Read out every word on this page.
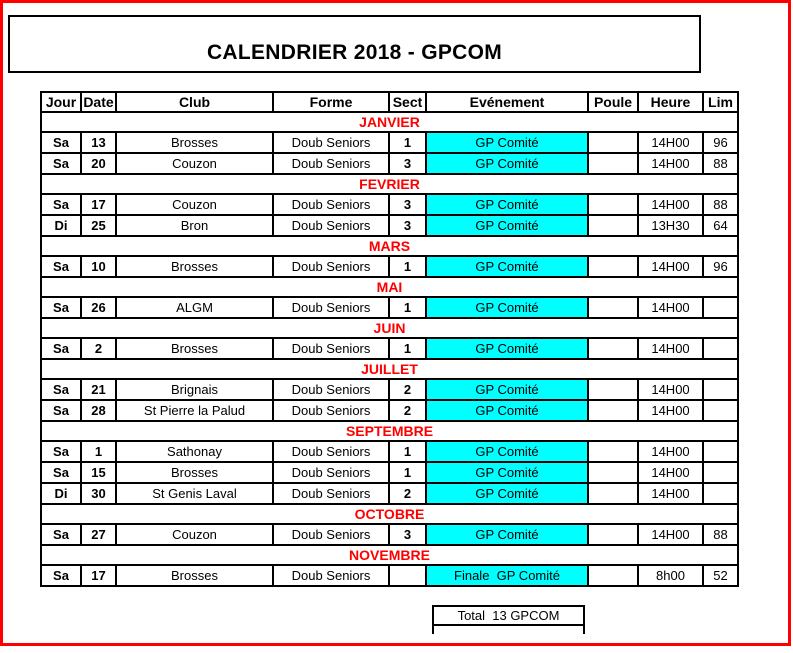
CALENDRIER 2018 - GPCOM
Jour	Date	Club	Forme	Sect	Evénement	Poule	Heure	Lim
JANVIER								
Sa	13	Brosses	Doub Seniors	1	GP Comité		14H00	96
Sa	20	Couzon	Doub Seniors	3	GP Comité		14H00	88
FEVRIER								
Sa	17	Couzon	Doub Seniors	3	GP Comité		14H00	88
Di	25	Bron	Doub Seniors	3	GP Comité		13H30	64
MARS								
Sa	10	Brosses	Doub Seniors	1	GP Comité		14H00	96
MAI								
Sa	26	ALGM	Doub Seniors	1	GP Comité		14H00	
JUIN								
Sa	2	Brosses	Doub Seniors	1	GP Comité		14H00	
JUILLET								
Sa	21	Brignais	Doub Seniors	2	GP Comité		14H00	
Sa	28	St Pierre la Palud	Doub Seniors	2	GP Comité		14H00	
SEPTEMBRE								
Sa	1	Sathonay	Doub Seniors	1	GP Comité		14H00	
Sa	15	Brosses	Doub Seniors	1	GP Comité		14H00	
Di	30	St Genis Laval	Doub Seniors	2	GP Comité		14H00	
OCTOBRE								
Sa	27	Couzon	Doub Seniors	3	GP Comité		14H00	88
NOVEMBRE								
Sa	17	Brosses	Doub Seniors		Finale  GP Comité		8h00	52
Total  13 GPCOM
